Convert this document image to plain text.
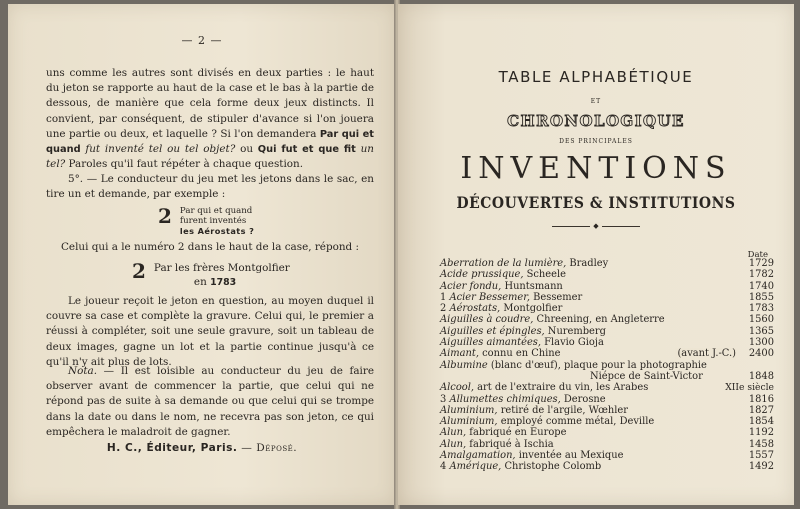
— 2 —
uns comme les autres sont divisés en deux parties : le haut du jeton se rapporte au haut de la case et le bas à la partie de dessous, de manière que cela forme deux jeux distincts. Il convient, par conséquent, de stipuler d'avance si l'on jouera une partie ou deux, et laquelle ? Si l'on demandera Par qui et quand fut inventé tel ou tel objet? ou Qui fut et que fit un tel? Paroles qu'il faut répéter à chaque question.
5°. — Le conducteur du jeu met les jetons dans le sac, en tire un et demande, par exemple :
2 Par qui et quand
furent inventés
les Aérostats ?
Celui qui a le numéro 2 dans le haut de la case, répond :
2 Par les frères Montgolfier
en 1783
Le joueur reçoit le jeton en question, au moyen duquel il couvre sa case et complète la gravure. Celui qui, le premier a réussi à compléter, soit une seule gravure, soit un tableau de deux images, gagne un lot et la partie continue jusqu'à ce qu'il n'y ait plus de lots.
Nota. — Il est loisible au conducteur du jeu de faire observer avant de commencer la partie, que celui qui ne répond pas de suite à sa demande ou que celui qui se trompe dans la date ou dans le nom, ne recevra pas son jeton, ce qui empêchera le maladroit de gagner.
H. C., Éditeur, Paris. — Déposé.
TABLE ALPHABÉTIQUE
ET
CHRONOLOGIQUE
DES PRINCIPALES
INVENTIONS
DÉCOUVERTES & INSTITUTIONS
◆
Date
Aberration de la lumière, Bradley	1729
Acide prussique, Scheele	1782
Acier fondu, Huntsmann	1740
1 Acier Bessemer, Bessemer	1855
2 Aérostats, Montgolfier	1783
Aiguilles à coudre, Chreening, en Angleterre	1560
Aiguilles et épingles, Nuremberg	1365
Aiguilles aimantées, Flavio Gioja	1300
Aimant, connu en Chine	(avant J.-C.)	2400
Albumine (blanc d'œuf), plaque pour la photographie
Niépce de Saint-Victor	1848
Alcool, art de l'extraire du vin, les Arabes	XIIe siècle
3 Allumettes chimiques, Derosne	1816
Aluminium, retiré de l'argile, Wœhler	1827
Aluminium, employé comme métal, Deville	1854
Alun, fabriqué en Europe	1192
Alun, fabriqué à Ischia	1458
Amalgamation, inventée au Mexique	1557
4 Amérique, Christophe Colomb	1492
